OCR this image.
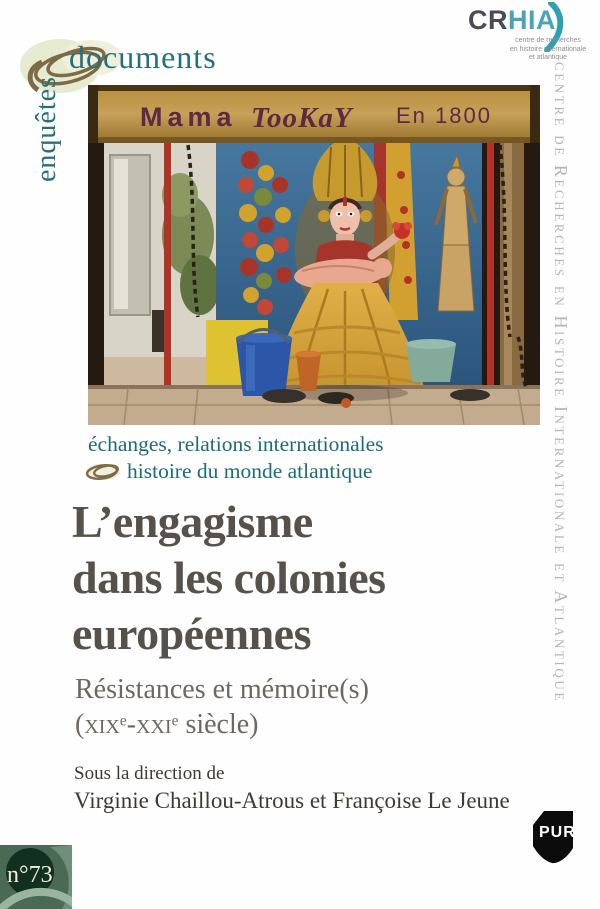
documents
enquêtes
CRHIA
centre de recherches
en histoire internationale
et atlantique
centre de Recherches en Histoire Internationale et Atlantique
Mama TooKaY En 1800
échanges, relations internationales
histoire du monde atlantique
L’engagisme
dans les colonies
européennes
Résistances et mémoire(s)
(xix$^e$-xxi$^e$ siècle)
Sous la direction de
Virginie Chaillou-Atrous et Françoise Le Jeune
n°73
PUR
